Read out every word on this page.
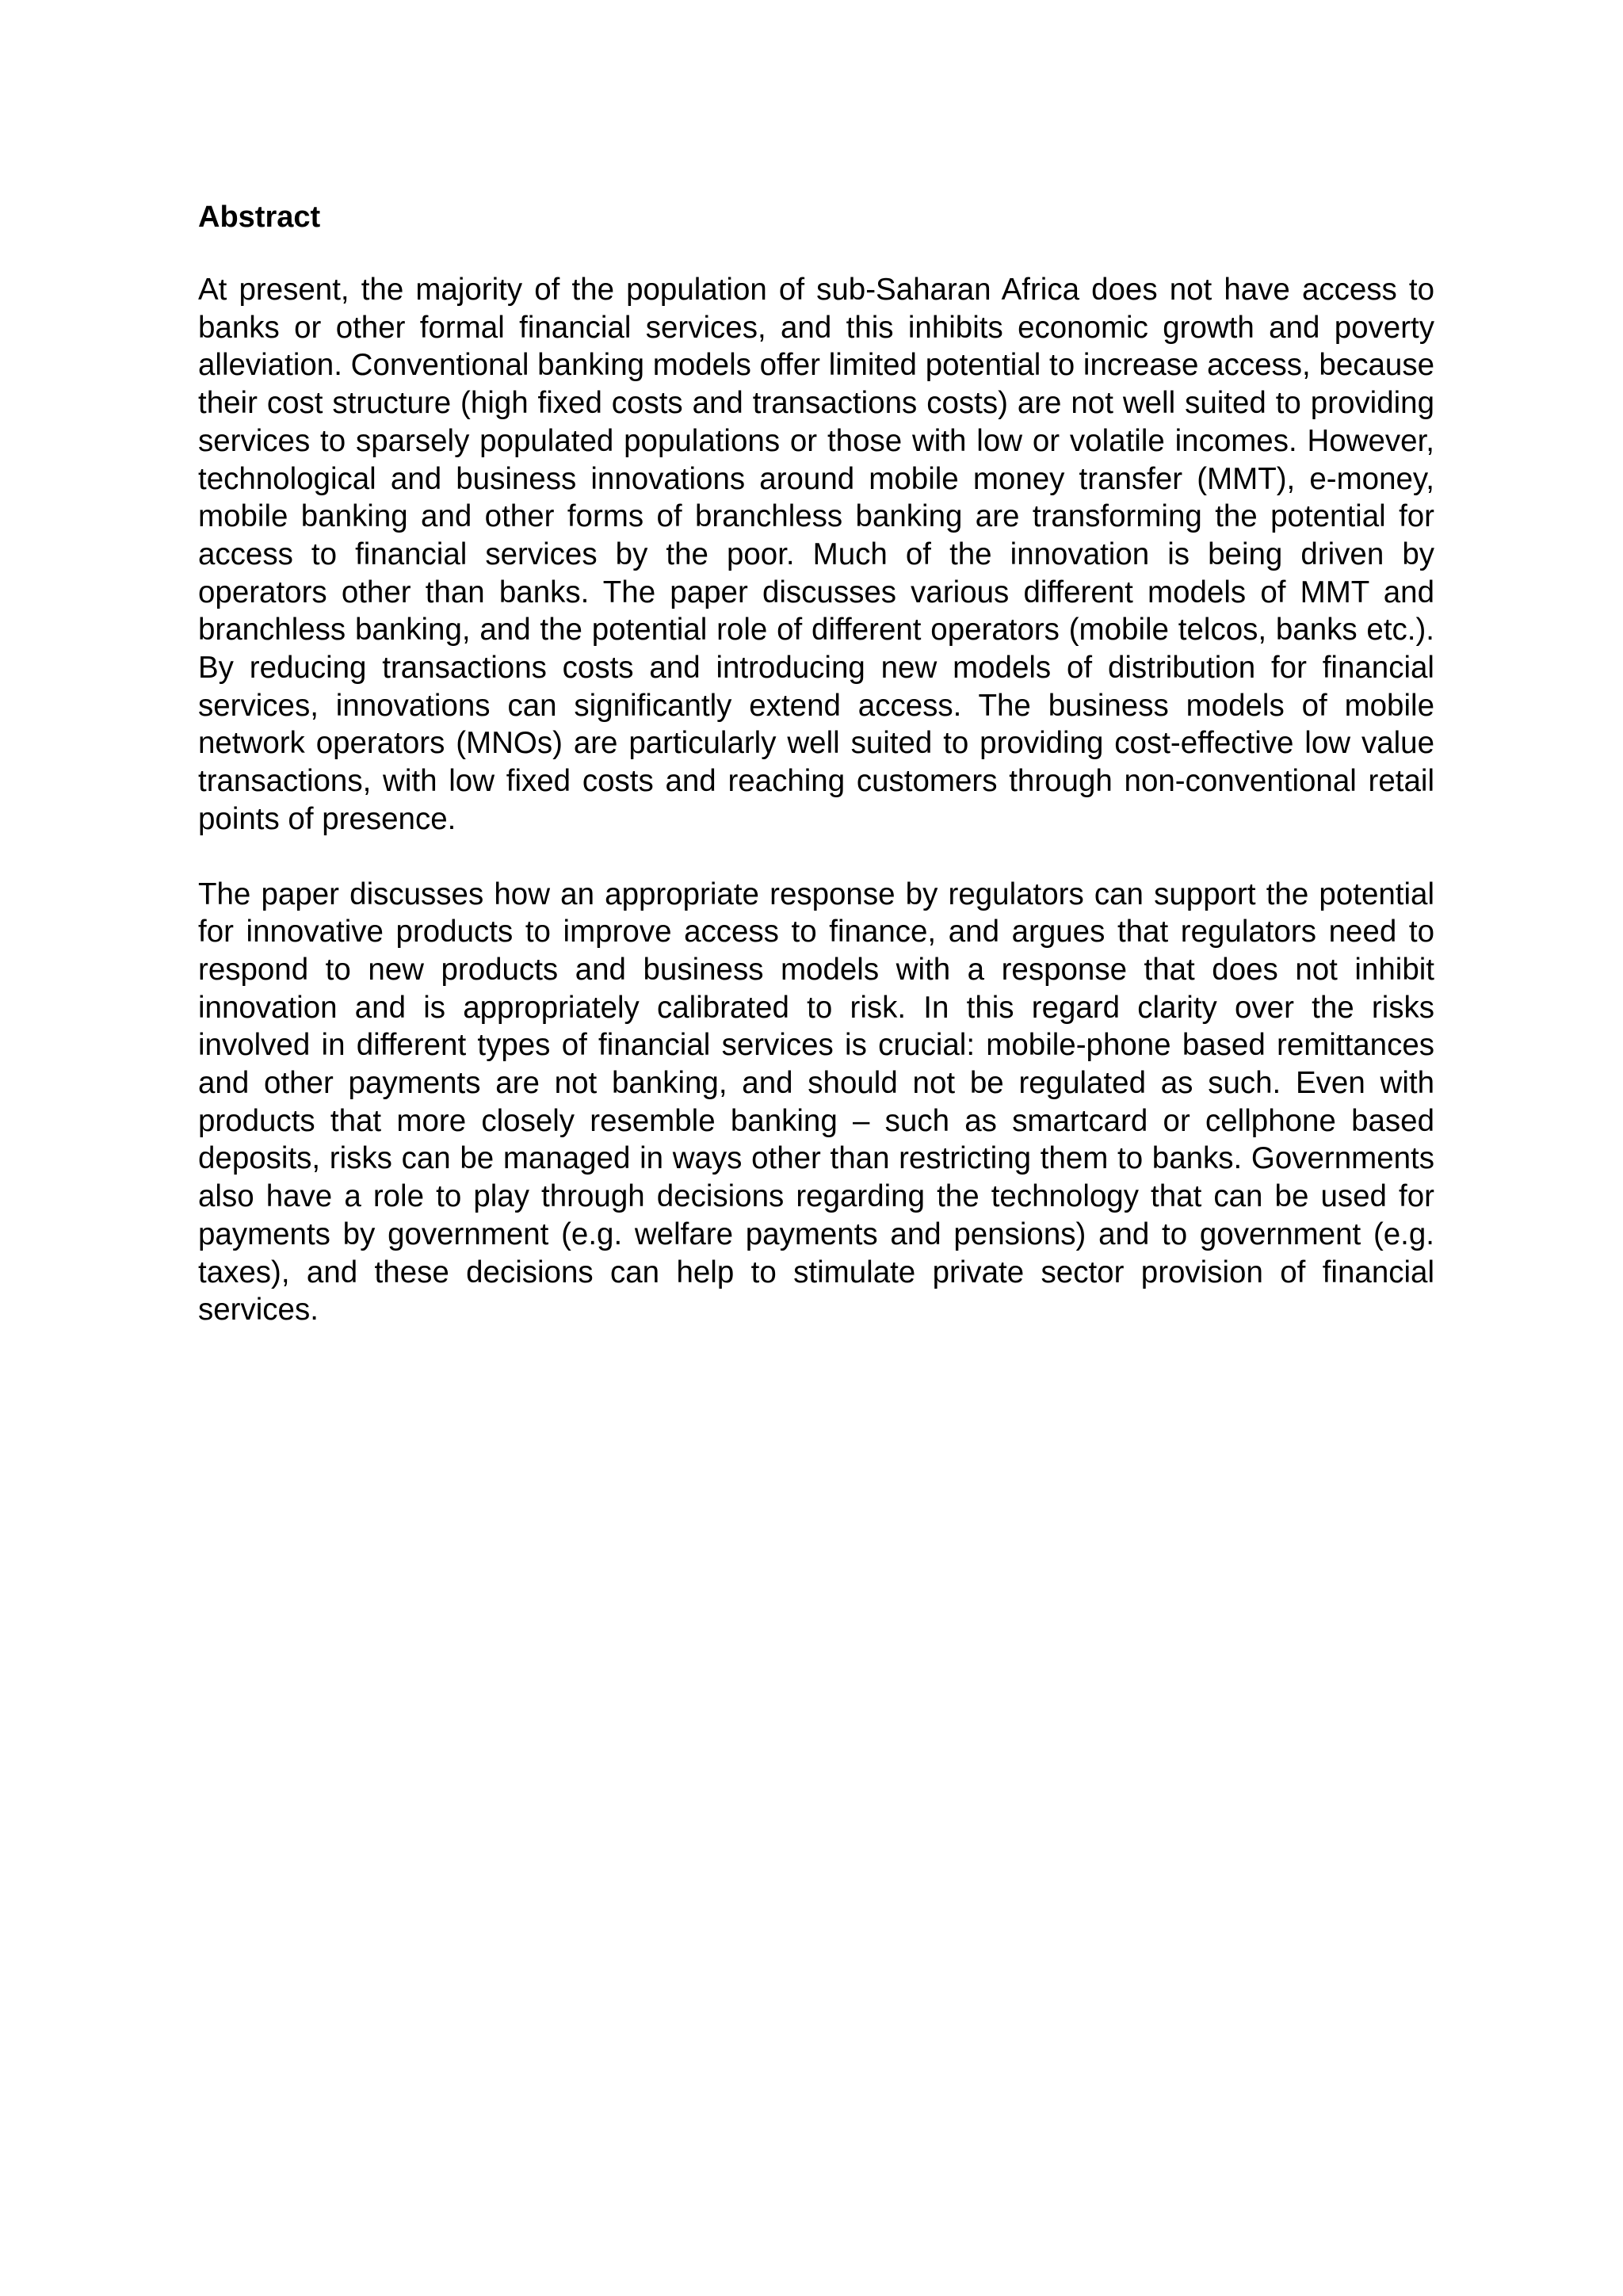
Abstract

At present, the majority of the population of sub-Saharan Africa does not have access to banks or other formal financial services, and this inhibits economic growth and poverty alleviation. Conventional banking models offer limited potential to increase access, because their cost structure (high fixed costs and transactions costs) are not well suited to providing services to sparsely populated populations or those with low or volatile incomes. However, technological and business innovations around mobile money transfer (MMT), e-money, mobile banking and other forms of branchless banking are transforming the potential for access to financial services by the poor. Much of the innovation is being driven by operators other than banks. The paper discusses various different models of MMT and branchless banking, and the potential role of different operators (mobile telcos, banks etc.). By reducing transactions costs and introducing new models of distribution for financial services, innovations can significantly extend access. The business models of mobile network operators (MNOs) are particularly well suited to providing cost-effective low value transactions, with low fixed costs and reaching customers through non-conventional retail points of presence.

The paper discusses how an appropriate response by regulators can support the potential for innovative products to improve access to finance, and argues that regulators need to respond to new products and business models with a response that does not inhibit innovation and is appropriately calibrated to risk. In this regard clarity over the risks involved in different types of financial services is crucial: mobile-phone based remittances and other payments are not banking, and should not be regulated as such. Even with products that more closely resemble banking – such as smartcard or cellphone based deposits, risks can be managed in ways other than restricting them to banks. Governments also have a role to play through decisions regarding the technology that can be used for payments by government (e.g. welfare payments and pensions) and to government (e.g. taxes), and these decisions can help to stimulate private sector provision of financial services.
